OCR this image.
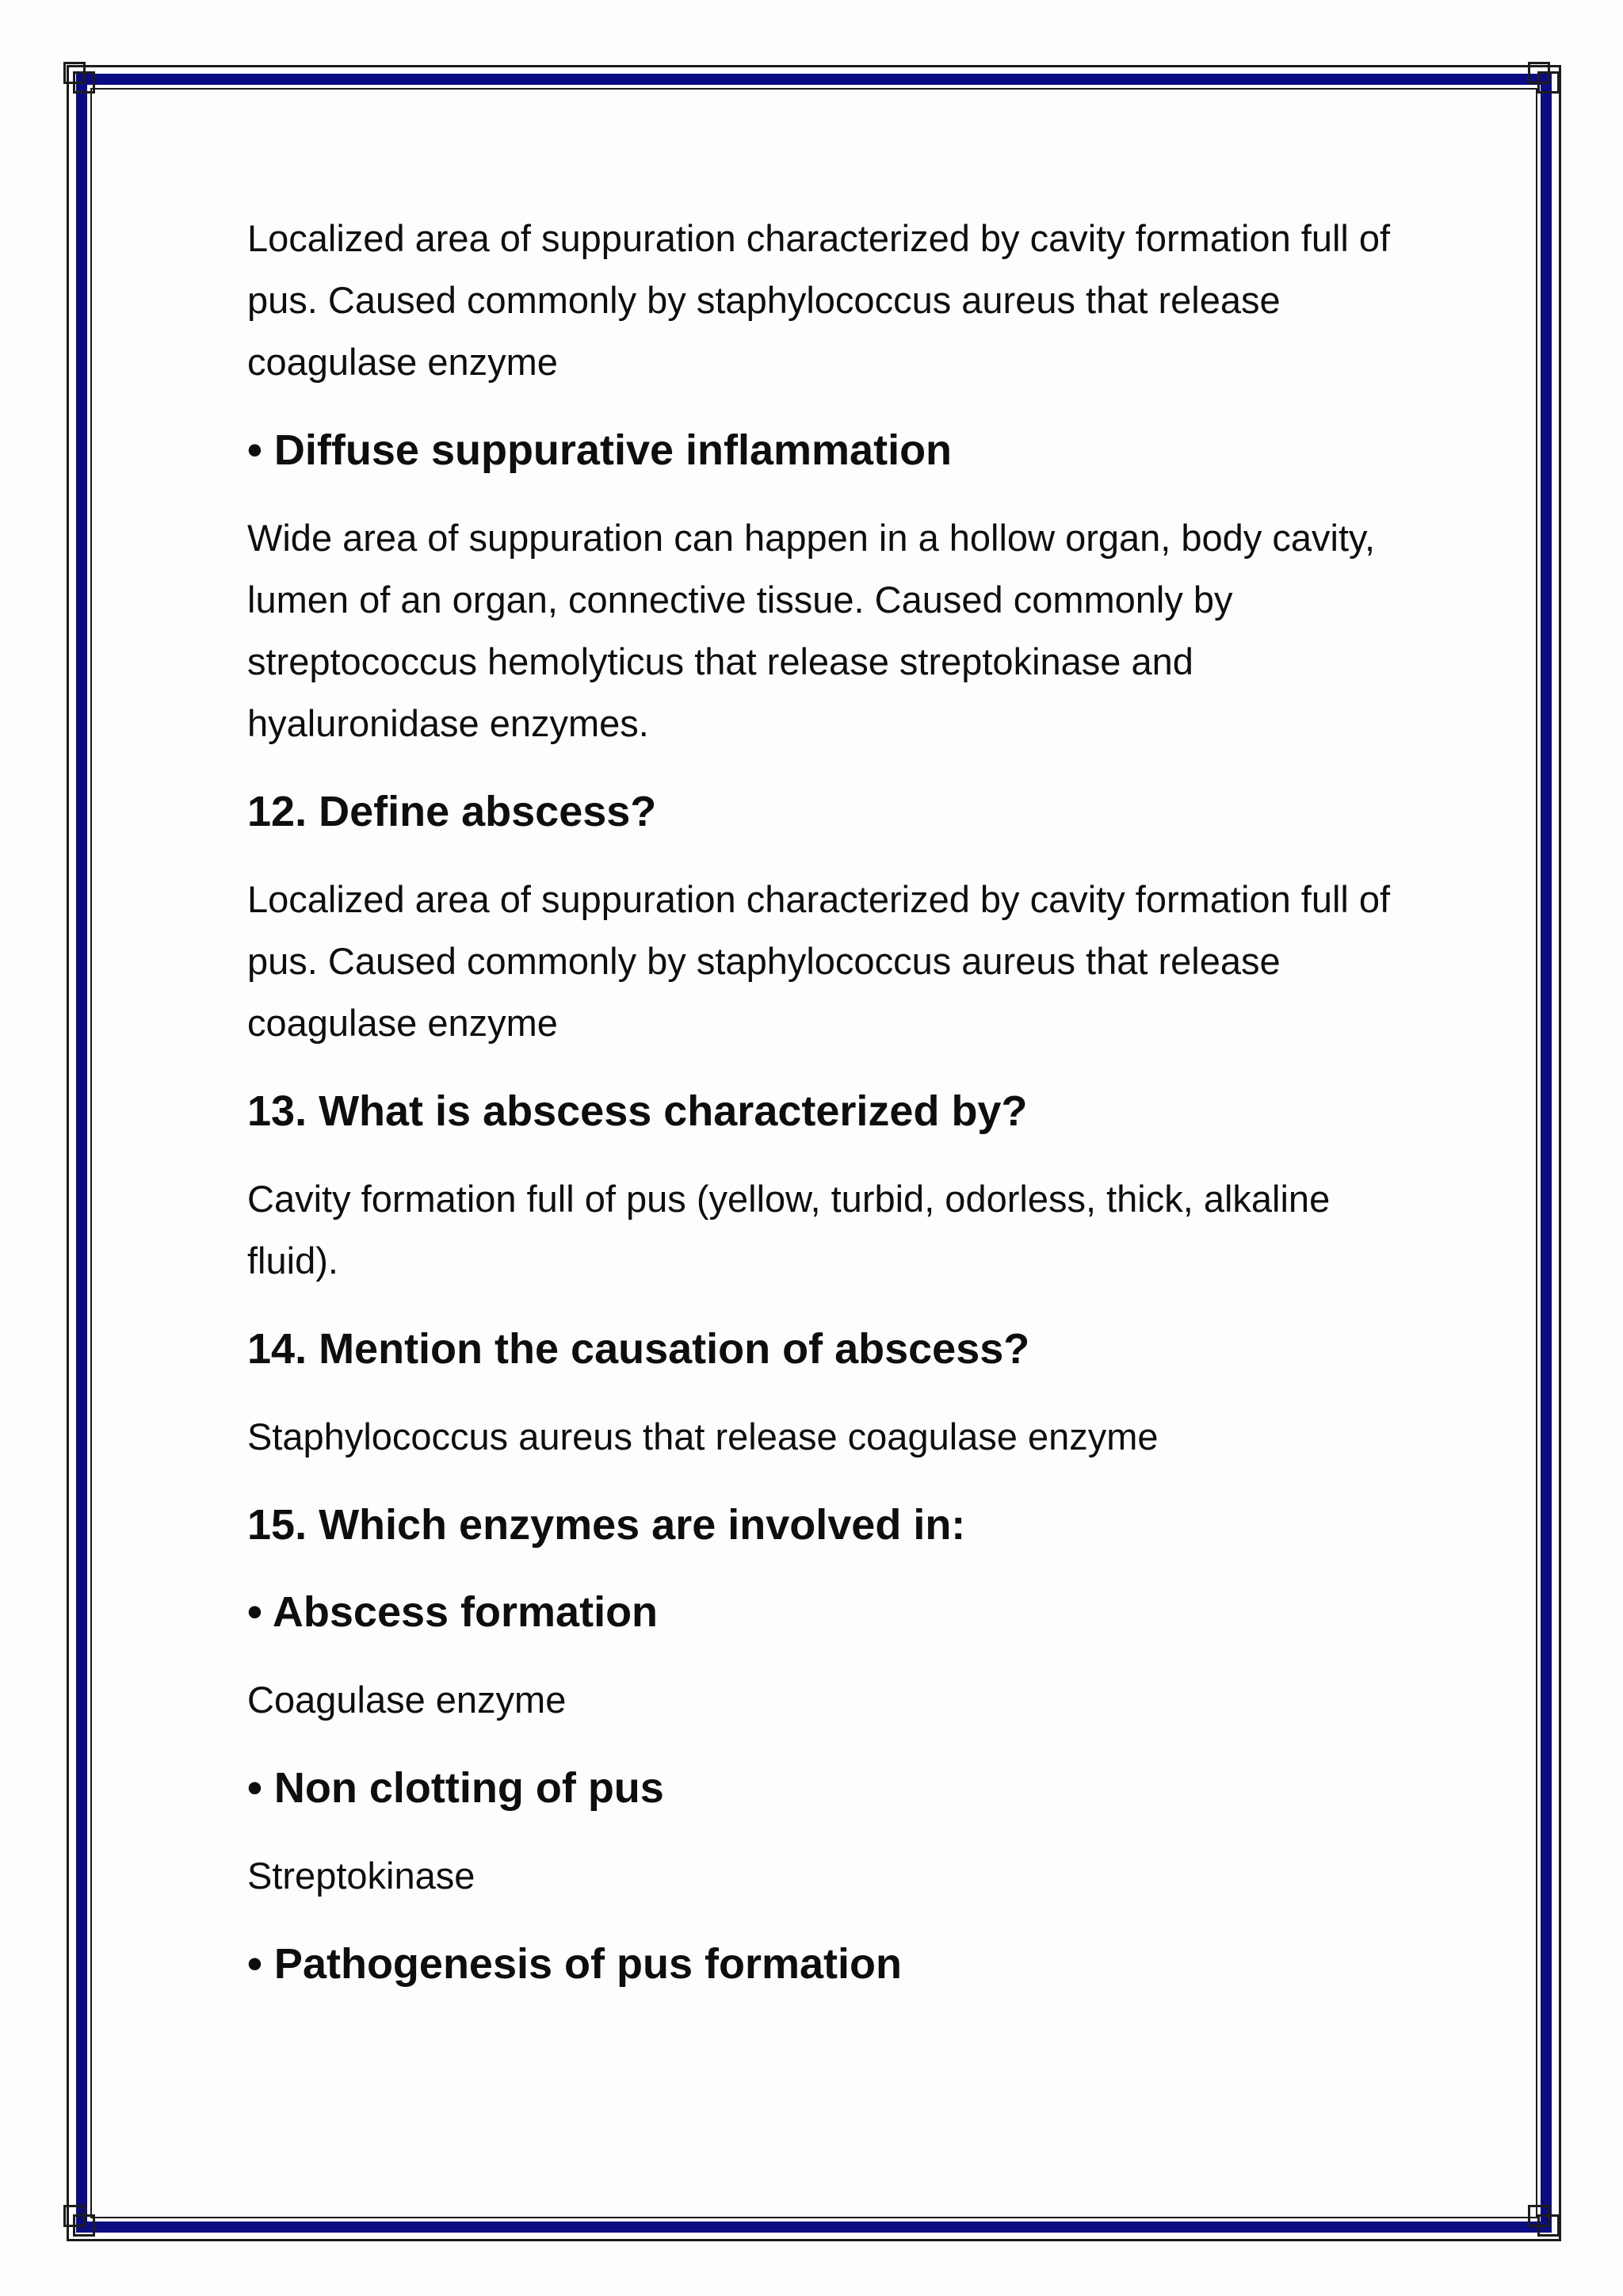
Localized area of suppuration characterized by cavity formation full of pus. Caused commonly by staphylococcus aureus that release coagulase enzyme

• Diffuse suppurative inflammation

Wide area of suppuration can happen in a hollow organ, body cavity, lumen of an organ, connective tissue. Caused commonly by streptococcus hemolyticus that release streptokinase and hyaluronidase enzymes.

12. Define abscess?

Localized area of suppuration characterized by cavity formation full of pus. Caused commonly by staphylococcus aureus that release coagulase enzyme

13. What is abscess characterized by?

Cavity formation full of pus (yellow, turbid, odorless, thick, alkaline fluid).

14. Mention the causation of abscess?

Staphylococcus aureus that release coagulase enzyme

15. Which enzymes are involved in:

• Abscess formation

Coagulase enzyme

• Non clotting of pus

Streptokinase

• Pathogenesis of pus formation
